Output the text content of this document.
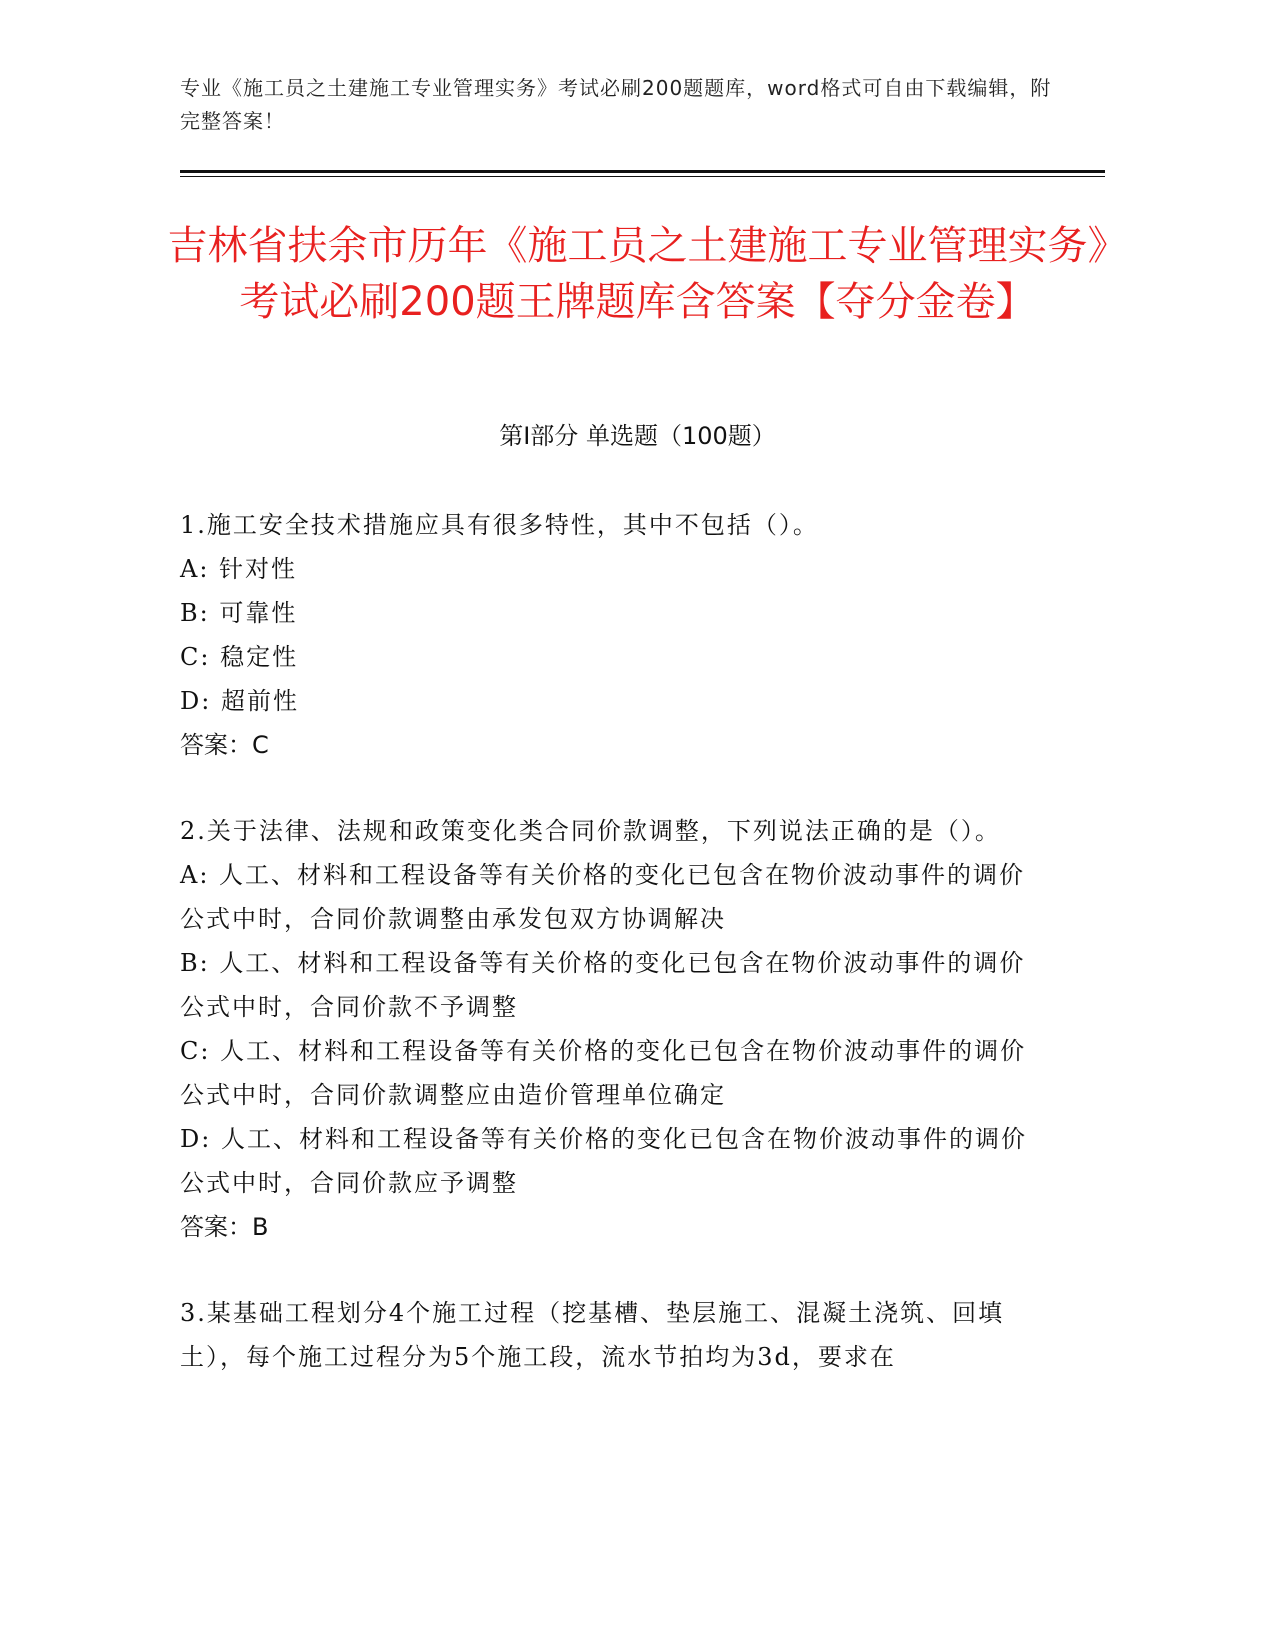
专业《施工员之土建施工专业管理实务》考试必刷200题题库，word格式可自由下载编辑，附完整答案！
吉林省扶余市历年《施工员之土建施工专业管理实务》考试必刷200题王牌题库含答案【夺分金卷】
第I部分 单选题（100题）

1.施工安全技术措施应具有很多特性，其中不包括（）。

A: 针对性

B: 可靠性

C: 稳定性

D: 超前性

答案：C

2.关于法律、法规和政策变化类合同价款调整，下列说法正确的是（）。

A: 人工、材料和工程设备等有关价格的变化已包含在物价波动事件的调价公式中时，合同价款调整由承发包双方协调解决

B: 人工、材料和工程设备等有关价格的变化已包含在物价波动事件的调价公式中时，合同价款不予调整

C: 人工、材料和工程设备等有关价格的变化已包含在物价波动事件的调价公式中时，合同价款调整应由造价管理单位确定

D: 人工、材料和工程设备等有关价格的变化已包含在物价波动事件的调价公式中时，合同价款应予调整

答案：B

3.某基础工程划分4个施工过程（挖基槽、垫层施工、混凝土浇筑、回填土），每个施工过程分为5个施工段，流水节拍均为3d，要求在
